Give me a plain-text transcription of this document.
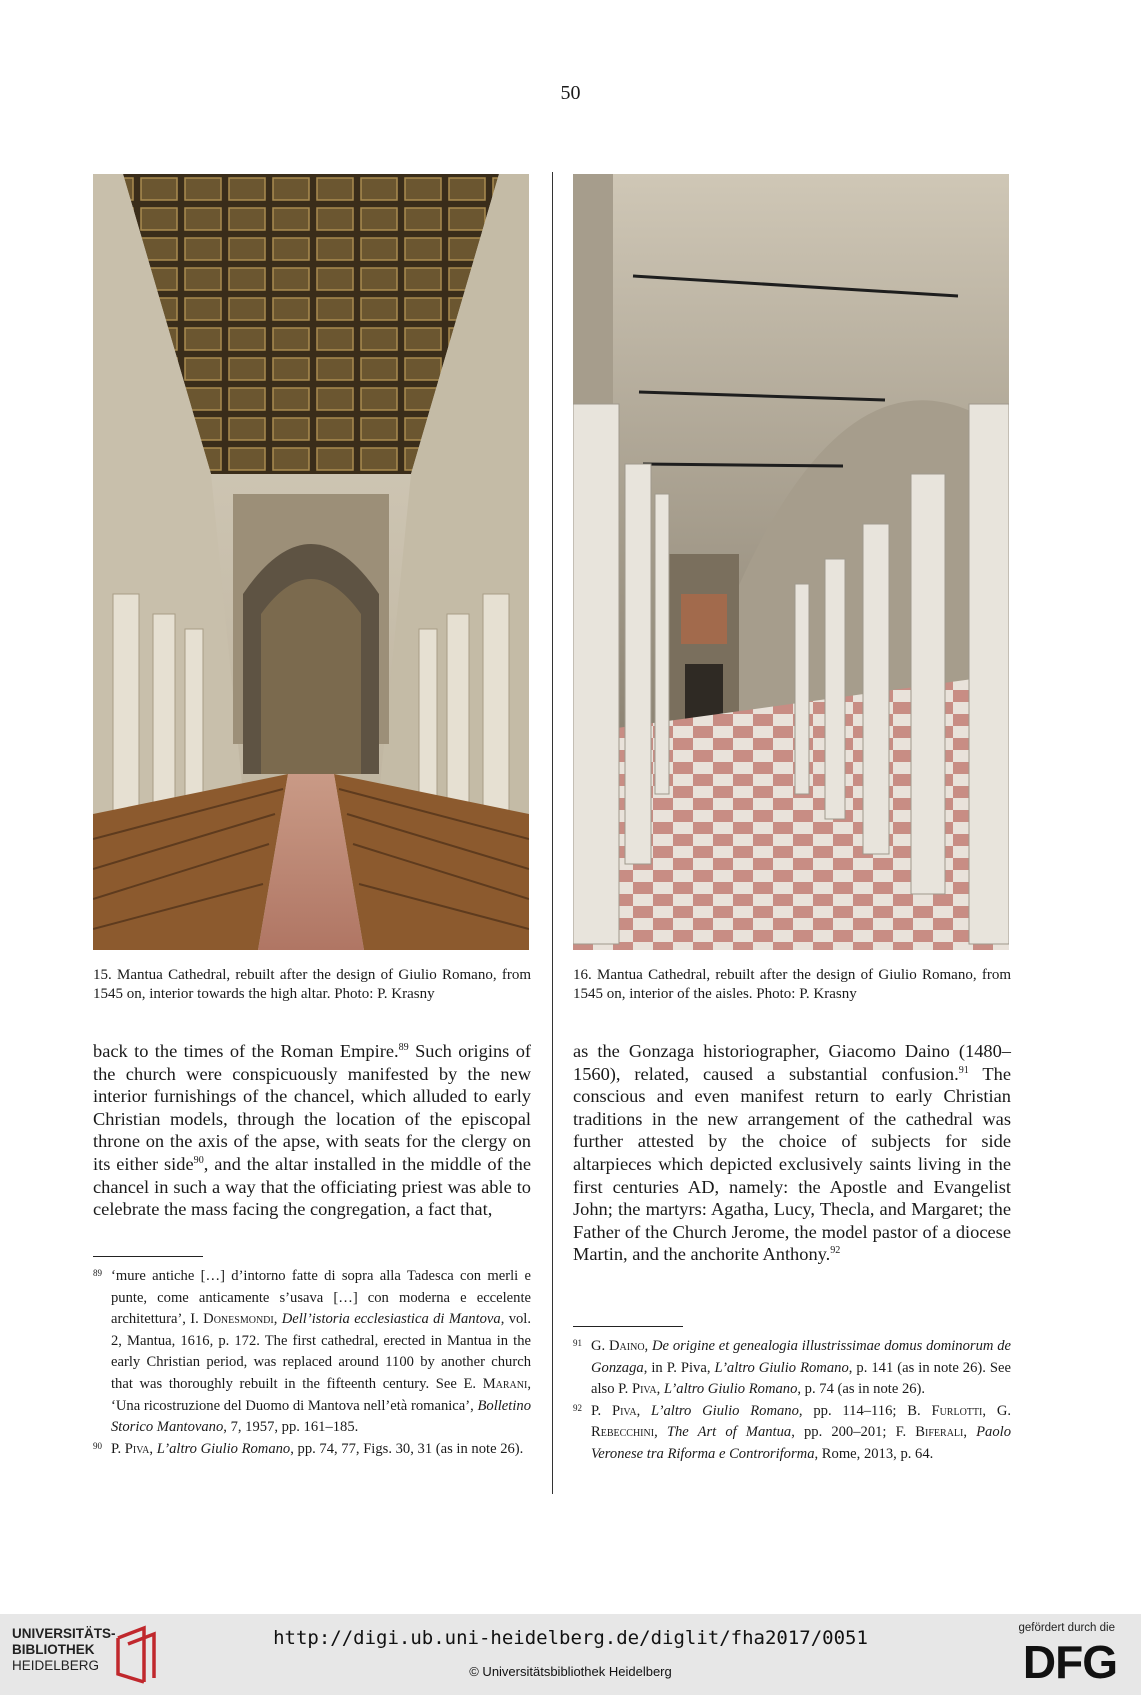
50
15. Mantua Cathedral, rebuilt after the design of Giulio Romano, from 1545 on, interior towards the high altar. Photo: P. Krasny
16. Mantua Cathedral, rebuilt after the design of Giulio Romano, from 1545 on, interior of the aisles. Photo: P. Krasny
back to the times of the Roman Empire.$^{89}$ Such origins of the church were conspicuously manifested by the new interior furnishings of the chancel, which alluded to early Christian models, through the location of the episcopal throne on the axis of the apse, with seats for the clergy on its either side$^{90}$, and the altar installed in the middle of the chancel in such a way that the officiating priest was able to celebrate the mass facing the congregation, a fact that,
as the Gonzaga historiographer, Giacomo Daino (1480–1560), related, caused a substantial confusion.$^{91}$ The conscious and even manifest return to early Christian traditions in the new arrangement of the cathedral was further attested by the choice of subjects for side altarpieces which depicted exclusively saints living in the first centuries AD, namely: the Apostle and Evangelist John; the martyrs: Agatha, Lucy, Thecla, and Margaret; the Father of the Church Jerome, the model pastor of a diocese Martin, and the anchorite Anthony.$^{92}$
89 ‘mure antiche […] d’intorno fatte di sopra alla Tadesca con merli e punte, come anticamente s’usava […] con moderna e eccelente architettura’, I. Donesmondi, Dell’istoria ecclesiastica di Mantova, vol. 2, Mantua, 1616, p. 172. The first cathedral, erected in Mantua in the early Christian period, was replaced around 1100 by another church that was thoroughly rebuilt in the fifteenth century. See E. Marani, ‘Una ricostruzione del Duomo di Mantova nell’età romanica’, Bolletino Storico Mantovano, 7, 1957, pp. 161–185.
90 P. Piva, L’altro Giulio Romano, pp. 74, 77, Figs. 30, 31 (as in note 26).
91 G. Daino, De origine et genealogia illustrissimae domus dominorum de Gonzaga, in P. Piva, L’altro Giulio Romano, p. 141 (as in note 26). See also P. Piva, L’altro Giulio Romano, p. 74 (as in note 26).
92 P. Piva, L’altro Giulio Romano, pp. 114–116; B. Furlotti, G. Rebecchini, The Art of Mantua, pp. 200–201; F. Biferali, Paolo Veronese tra Riforma e Controriforma, Rome, 2013, p. 64.
UNIVERSITÄTS-
BIBLIOTHEK
HEIDELBERG
http://digi.ub.uni-heidelberg.de/diglit/fha2017/0051
© Universitätsbibliothek Heidelberg
gefördert durch die
DFG
